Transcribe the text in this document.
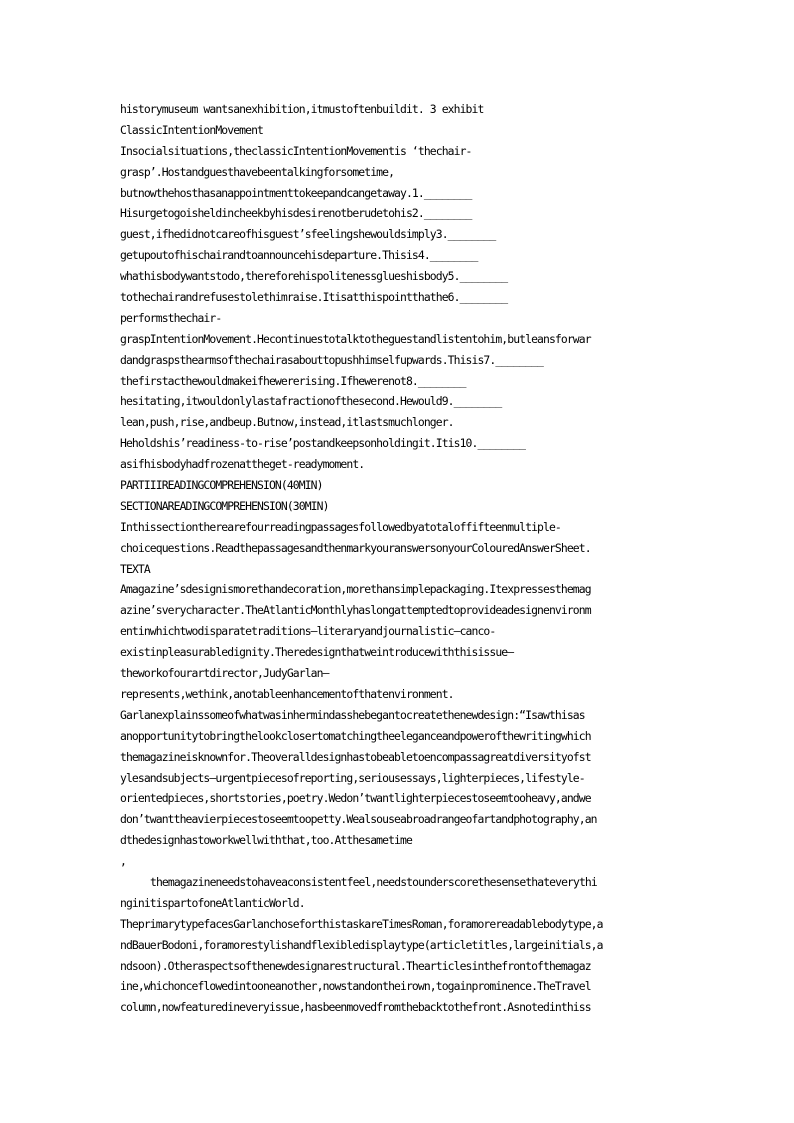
historymuseum wantsanexhibition,itmustoftenbuildit. 3 exhibit
ClassicIntentionMovement
Insocialsituations,theclassicIntentionMovementis ‘thechair-
grasp’.Hostandguesthavebeentalkingforsometime,
butnowthehosthasanappointmenttokeepandcangetaway.1.________
Hisurgetogoisheldincheekbyhisdesirenotberudetohis2.________
guest,ifhedidnotcareofhisguest’sfeelingshewouldsimply3.________
getupoutofhischairandtoannouncehisdeparture.Thisis4.________
whathisbodywantstodo,thereforehispolitenessglueshisbody5.________
tothechairandrefusestolethimraise.Itisatthispointthathe6.________
performsthechair-
graspIntentionMovement.Hecontinuestotalktotheguestandlistentohim,butleansforwar
dandgraspsthearmsofthechairasabouttopushhimselfupwards.Thisis7.________
thefirstacthewouldmakeifhewererising.Ifhewerenot8.________
hesitating,itwouldonlylastafractionofthesecond.Hewould9.________
lean,push,rise,andbeup.Butnow,instead,itlastsmuchlonger.
Heholdshis’readiness-to-rise’postandkeepsonholdingit.Itis10.________
asifhisbodyhadfrozenattheget-readymoment.
PARTIIIREADINGCOMPREHENSION(40MIN)
SECTIONAREADINGCOMPREHENSION(30MIN)
Inthissectiontherearefourreadingpassagesfollowedbyatotaloffifteenmultiple-
choicequestions.ReadthepassagesandthenmarkyouranswersonyourColouredAnswerSheet.
TEXTA
Amagazine’sdesignismorethandecoration,morethansimplepackaging.Itexpressesthemag
azine’sverycharacter.TheAtlanticMonthlyhaslongattemptedtoprovideadesignenvironm
entinwhichtwodisparatetraditions–literaryandjournalistic–canco-
existinpleasurabledignity.Theredesignthatweintroducewiththisissue–
theworkofourartdirector,JudyGarlan–
represents,wethink,anotableenhancementofthatenvironment.
Garlanexplainssomeofwhatwasinhermindasshebegantocreatethenewdesign:“Isawthisas
anopportunitytobringthelookclosertomatchingtheeleganceandpowerofthewritingwhich
themagazineisknownfor.Theoveralldesignhastobeabletoencompassagreatdiversityofst
ylesandsubjects–urgentpiecesofreporting,seriousessays,lighterpieces,lifestyle-
orientedpieces,shortstories,poetry.Wedon’twantlighterpiecestoseemtooheavy,andwe
don’twanttheavierpiecestoseemtoopetty.Wealsouseabroadrangeofartandphotography,an
dthedesignhastoworkwellwiththat,too.Atthesametime
,
themagazineneedstohaveaconsistentfeel,needstounderscorethesensethateverythi
nginitispartofoneAtlanticWorld.
TheprimarytypefacesGarlanchoseforthistaskareTimesRoman,foramorereadablebodytype,a
ndBauerBodoni,foramorestylishandflexibledisplaytype(articletitles,largeinitials,a
ndsoon).Otheraspectsofthenewdesignarestructural.Thearticlesinthefrontofthemagaz
ine,whichonceflowedintooneanother,nowstandontheirown,togainprominence.TheTravel
column,nowfeaturedineveryissue,hasbeenmovedfromthebacktothefront.Asnotedinthiss
